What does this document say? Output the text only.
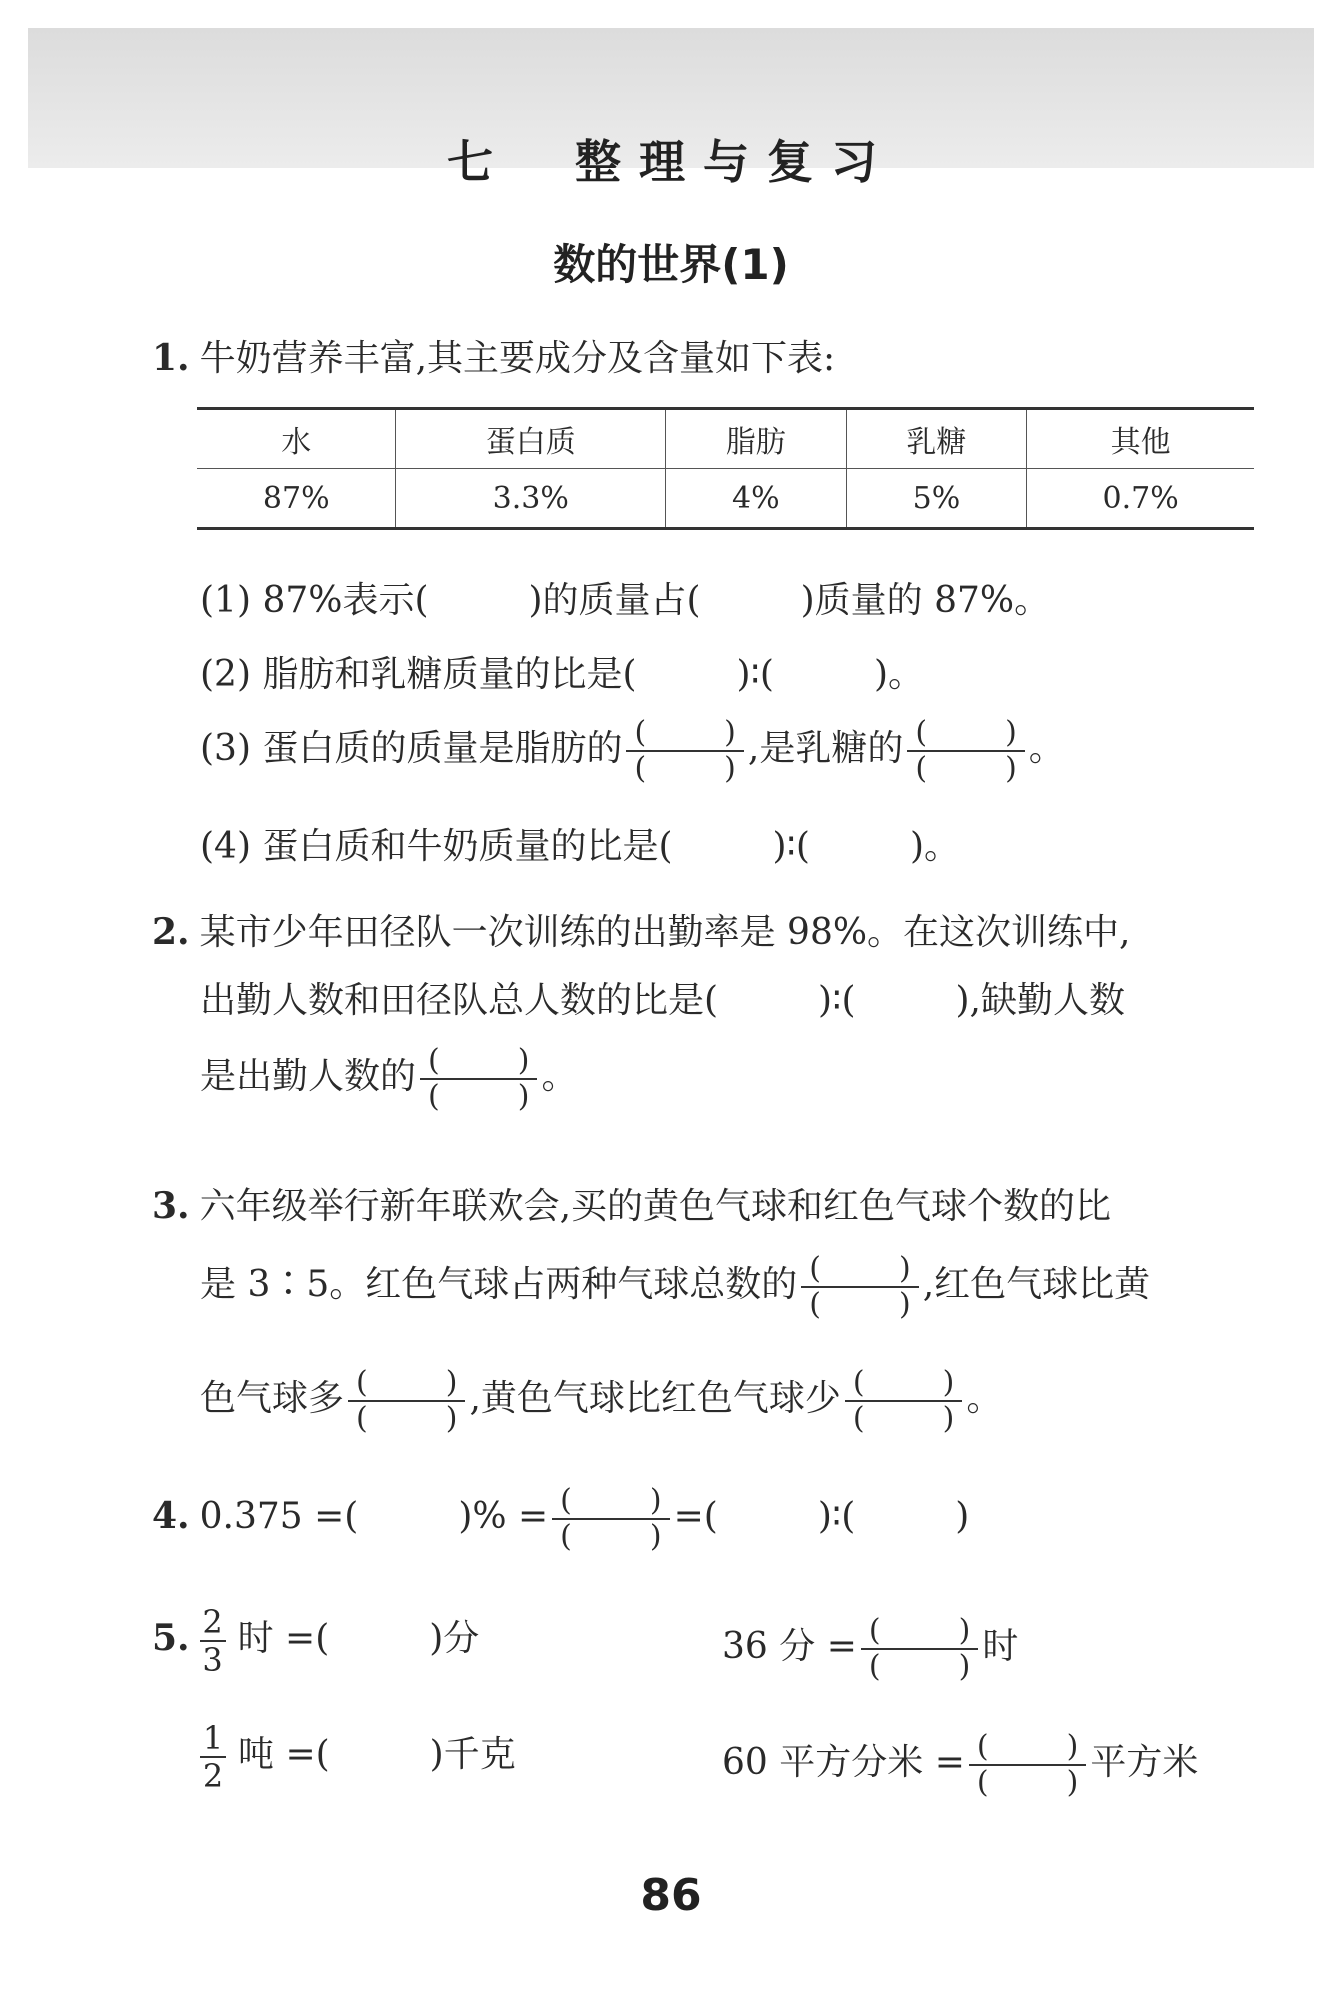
七　整理与复习
数的世界(1)
1. 牛奶营养丰富,其主要成分及含量如下表:
水	蛋白质	脂肪	乳糖	其他
87%	3.3%	4%	5%	0.7%
(1) 87%表示(	)的质量占(	)质量的 87%。
(2) 脂肪和乳糖质量的比是(	)∶(	)。
(3) 蛋白质的质量是脂肪的 (	)
(	) ,是乳糖的 (	)
(	) 。
(4) 蛋白质和牛奶质量的比是(	)∶(	)。
2. 某市少年田径队一次训练的出勤率是 98%。在这次训练中,
出勤人数和田径队总人数的比是(	)∶(	),缺勤人数
是出勤人数的 (	)
(	) 。
3. 六年级举行新年联欢会,买的黄色气球和红色气球个数的比
是 3∶5。红色气球占两种气球总数的 (	)
(	) ,红色气球比黄
色气球多 (	)
(	) ,黄色气球比红色气球少 (	)
(	) 。
4. 0.375 =(	)% = (	)
(	) =(	)∶(	)
5. $\frac{2}{3}$ 时 =(	)分	36 分 = (	)
(	) 时
$\frac{1}{2}$ 吨 =(	)千克	60 平方分米 = (	)
(	) 平方米
86
